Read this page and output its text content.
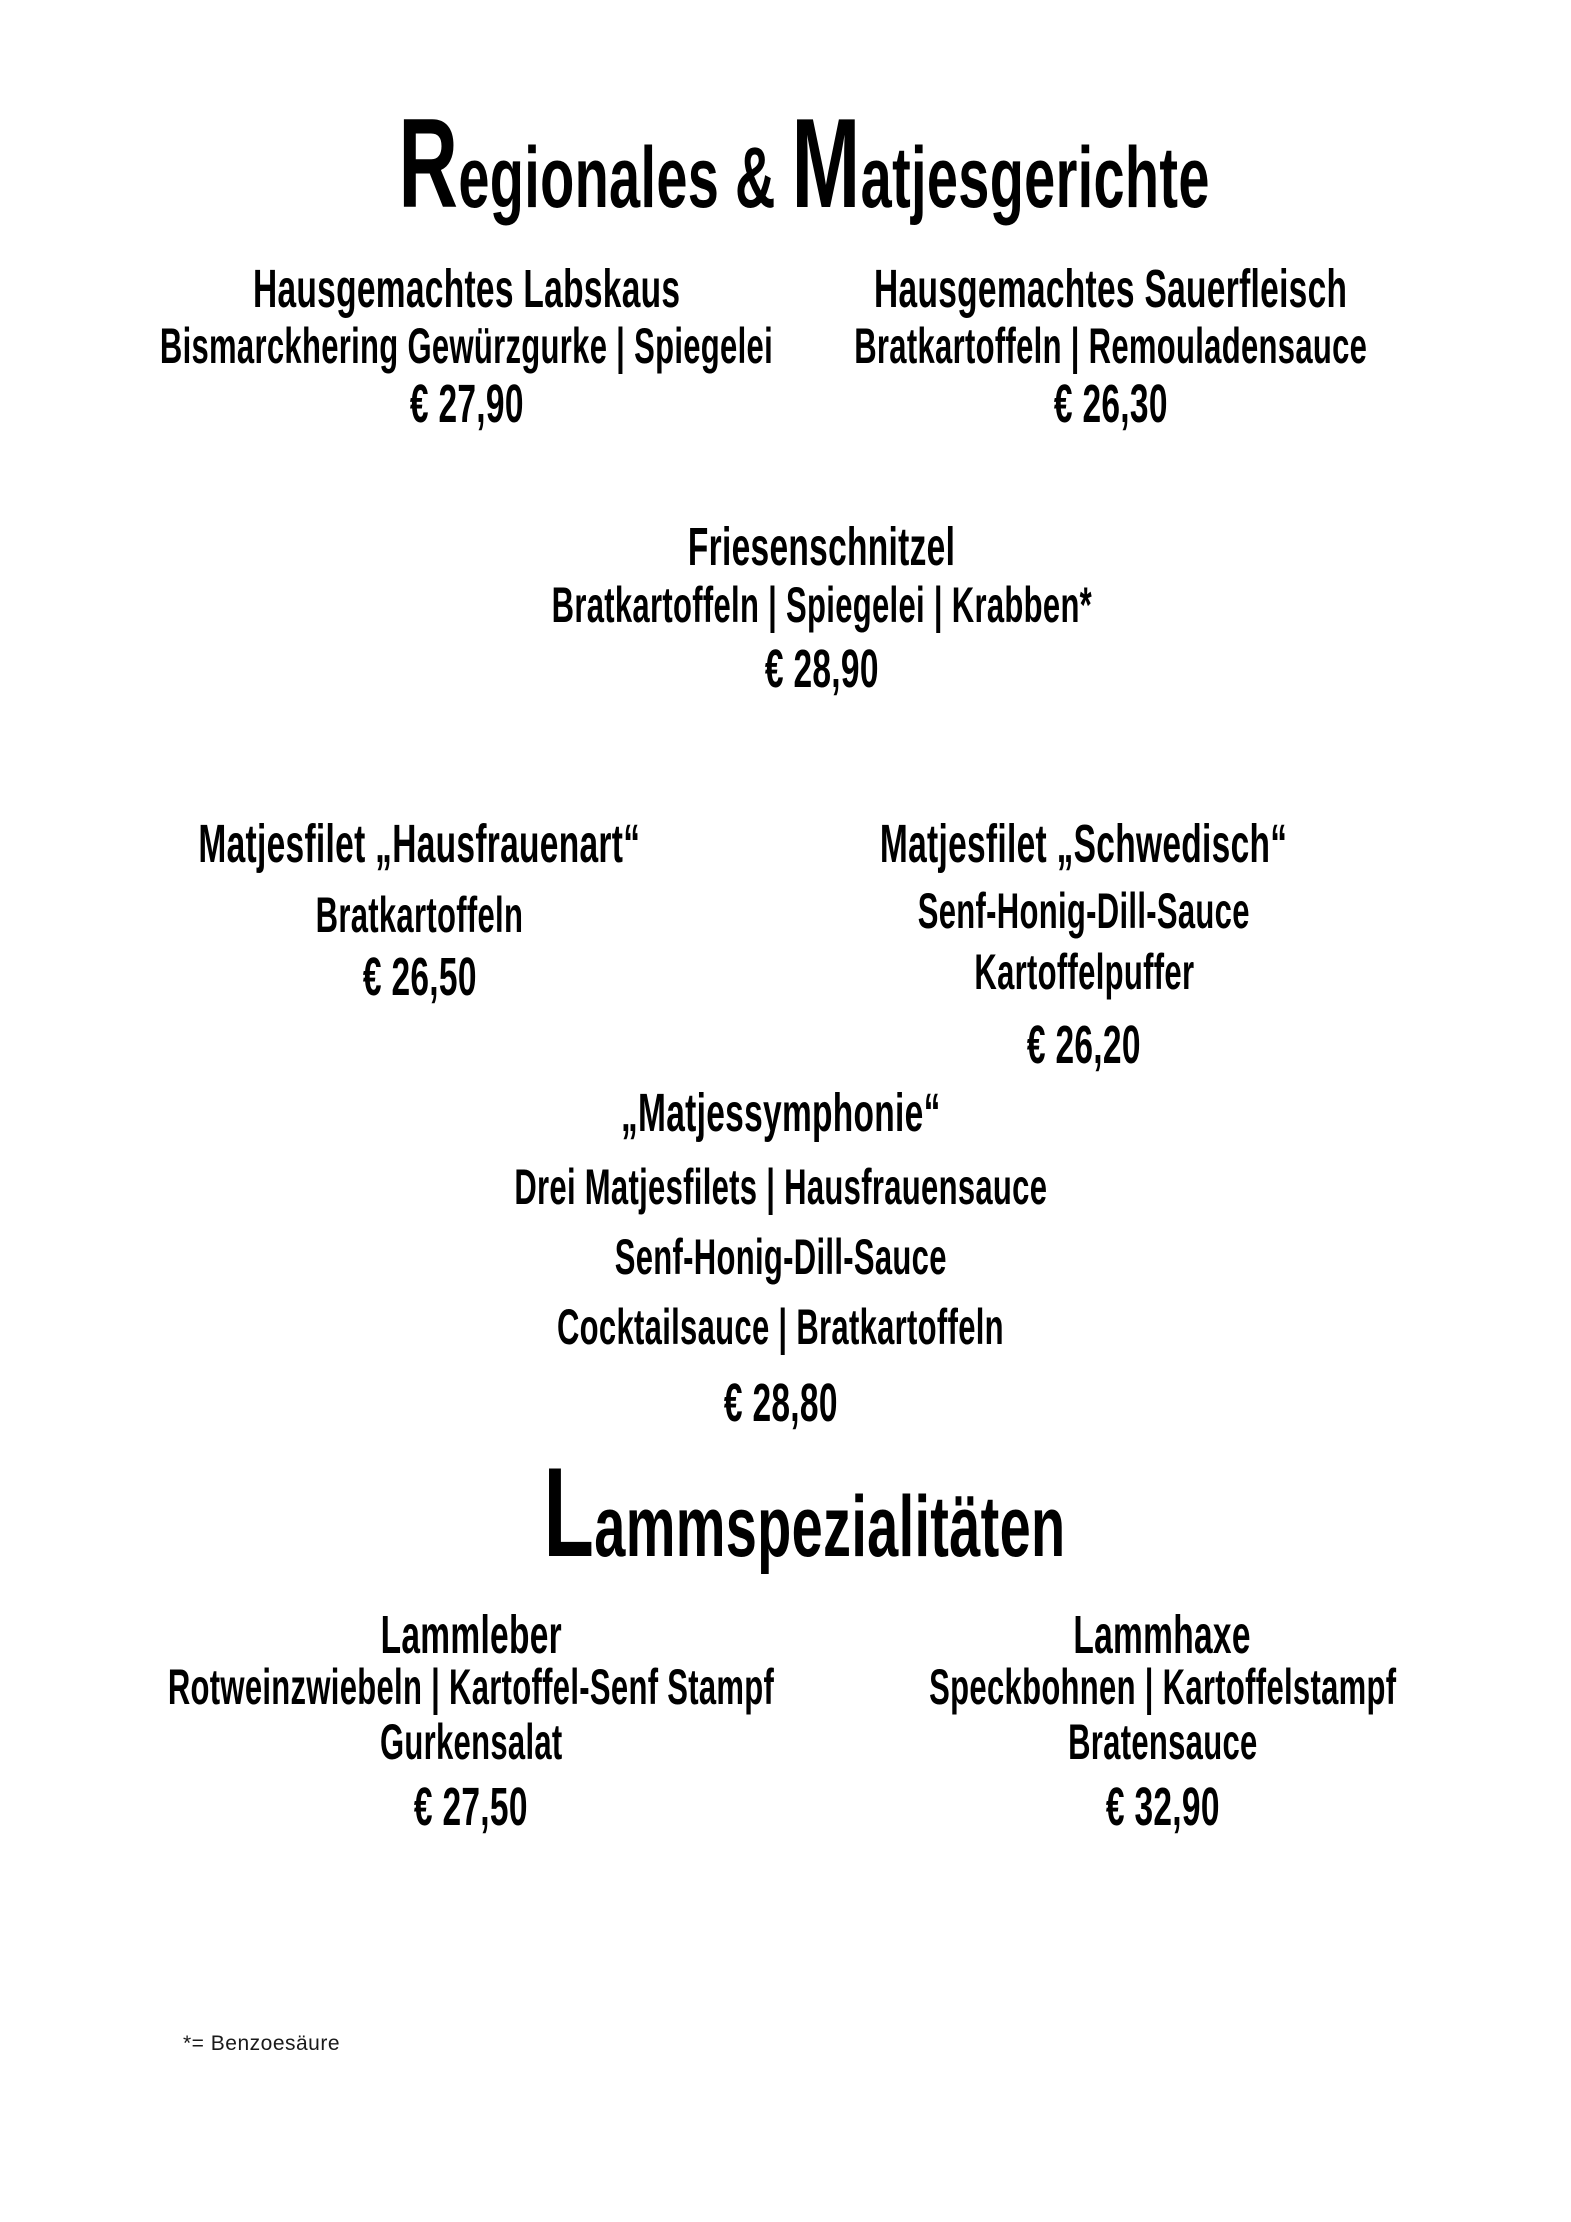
Regionales & Matjesgerichte
Hausgemachtes Labskaus
Bismarckhering Gewürzgurke | Spiegelei
€ 27,90
Hausgemachtes Sauerfleisch
Bratkartoffeln | Remouladensauce
€ 26,30
Friesenschnitzel
Bratkartoffeln | Spiegelei | Krabben*
€ 28,90
Matjesfilet „Hausfrauenart“
Bratkartoffeln
€ 26,50
Matjesfilet „Schwedisch“
Senf-Honig-Dill-Sauce
Kartoffelpuffer
€ 26,20
„Matjessymphonie“
Drei Matjesfilets | Hausfrauensauce
Senf-Honig-Dill-Sauce
Cocktailsauce | Bratkartoffeln
€ 28,80
Lammspezialitäten
Lammleber
Rotweinzwiebeln | Kartoffel-Senf Stampf
Gurkensalat
€ 27,50
Lammhaxe
Speckbohnen | Kartoffelstampf
Bratensauce
€ 32,90
*= Benzoesäure
